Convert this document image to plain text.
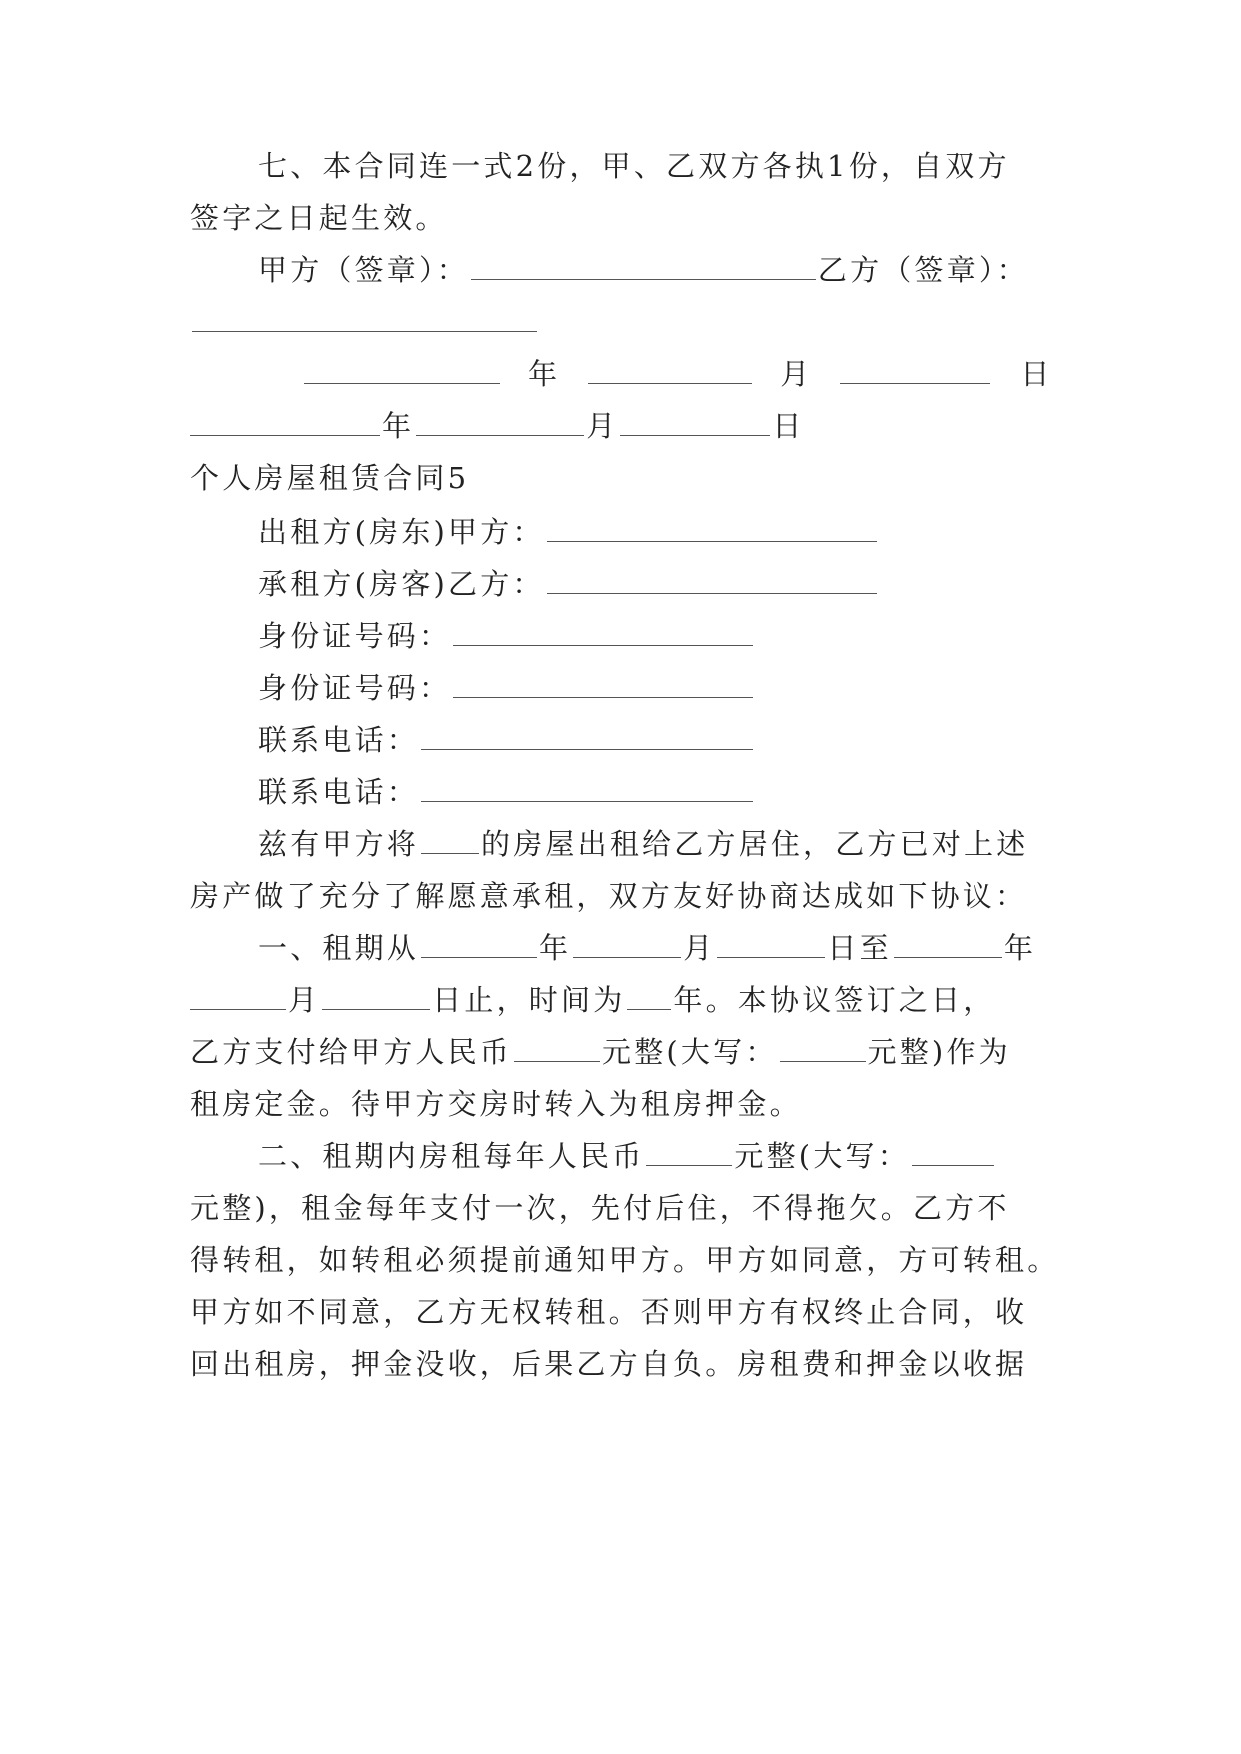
七、本合同连一式2份，甲、乙双方各执1份，自双方
签字之日起生效。
甲方（签章）：	乙方（签章）：
年	月	日
年	月	日
个人房屋租赁合同5
出租方(房东)甲方：
承租方(房客)乙方：
身份证号码：
身份证号码：
联系电话：
联系电话：
兹有甲方将 的房屋出租给乙方居住，乙方已对上述
房产做了充分了解愿意承租，双方友好协商达成如下协议：
一、租期从	年	月	日至	年
月	日止，时间为 年。本协议签订之日，
乙方支付给甲方人民币	元整(大写：	元整)作为
租房定金。待甲方交房时转入为租房押金。
二、租期内房租每年人民币	元整(大写：
元整)，租金每年支付一次，先付后住，不得拖欠。乙方不
得转租，如转租必须提前通知甲方。甲方如同意，方可转租。
甲方如不同意，乙方无权转租。否则甲方有权终止合同，收
回出租房，押金没收，后果乙方自负。房租费和押金以收据
